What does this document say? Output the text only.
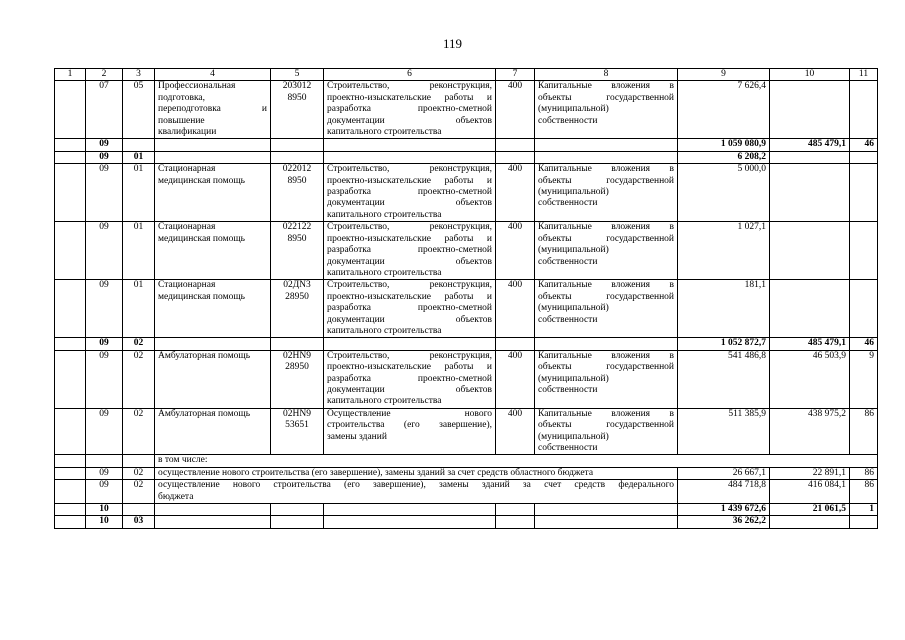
119
1	2	3	4	5	6	7	8	9	10	11
	07	05	Профессиональная
подготовка,
переподготовка и
повышение
квалификации	203012
8950	Строительство, реконструкция,
проектно-изыскательские работы и
разработка проектно-сметной
документации объектов
капитального строительства	400	Капитальные вложения в
объекты государственной
(муниципальной)
собственности	7 626,4		
	09							1 059 080,9	485 479,1	46
	09	01						6 208,2		
	09	01	Стационарная
медицинская помощь	022012
8950	Строительство, реконструкция,
проектно-изыскательские работы и
разработка проектно-сметной
документации объектов
капитального строительства	400	Капитальные вложения в
объекты государственной
(муниципальной)
собственности	5 000,0		
	09	01	Стационарная
медицинская помощь	022122
8950	Строительство, реконструкция,
проектно-изыскательские работы и
разработка проектно-сметной
документации объектов
капитального строительства	400	Капитальные вложения в
объекты государственной
(муниципальной)
собственности	1 027,1		
	09	01	Стационарная
медицинская помощь	02ДN3
28950	Строительство, реконструкция,
проектно-изыскательские работы и
разработка проектно-сметной
документации объектов
капитального строительства	400	Капитальные вложения в
объекты государственной
(муниципальной)
собственности	181,1		
	09	02						1 052 872,7	485 479,1	46
	09	02	Амбулаторная помощь	02HN9
28950	Строительство, реконструкция,
проектно-изыскательские работы и
разработка проектно-сметной
документации объектов
капитального строительства	400	Капитальные вложения в
объекты государственной
(муниципальной)
собственности	541 486,8	46 503,9	9
	09	02	Амбулаторная помощь	02HN9
53651	Осуществление нового
строительства (его завершение),
замены зданий	400	Капитальные вложения в
объекты государственной
(муниципальной)
собственности	511 385,9	438 975,2	86
			в том числе:							
	09	02	осуществление нового строительства (его завершение), замены зданий за счет средств областного бюджета					26 667,1	22 891,1	86
	09	02	осуществление нового строительства (его завершение), замены зданий за счет средств федерального
бюджета					484 718,8	416 084,1	86
	10							1 439 672,6	21 061,5	1
	10	03						36 262,2		
